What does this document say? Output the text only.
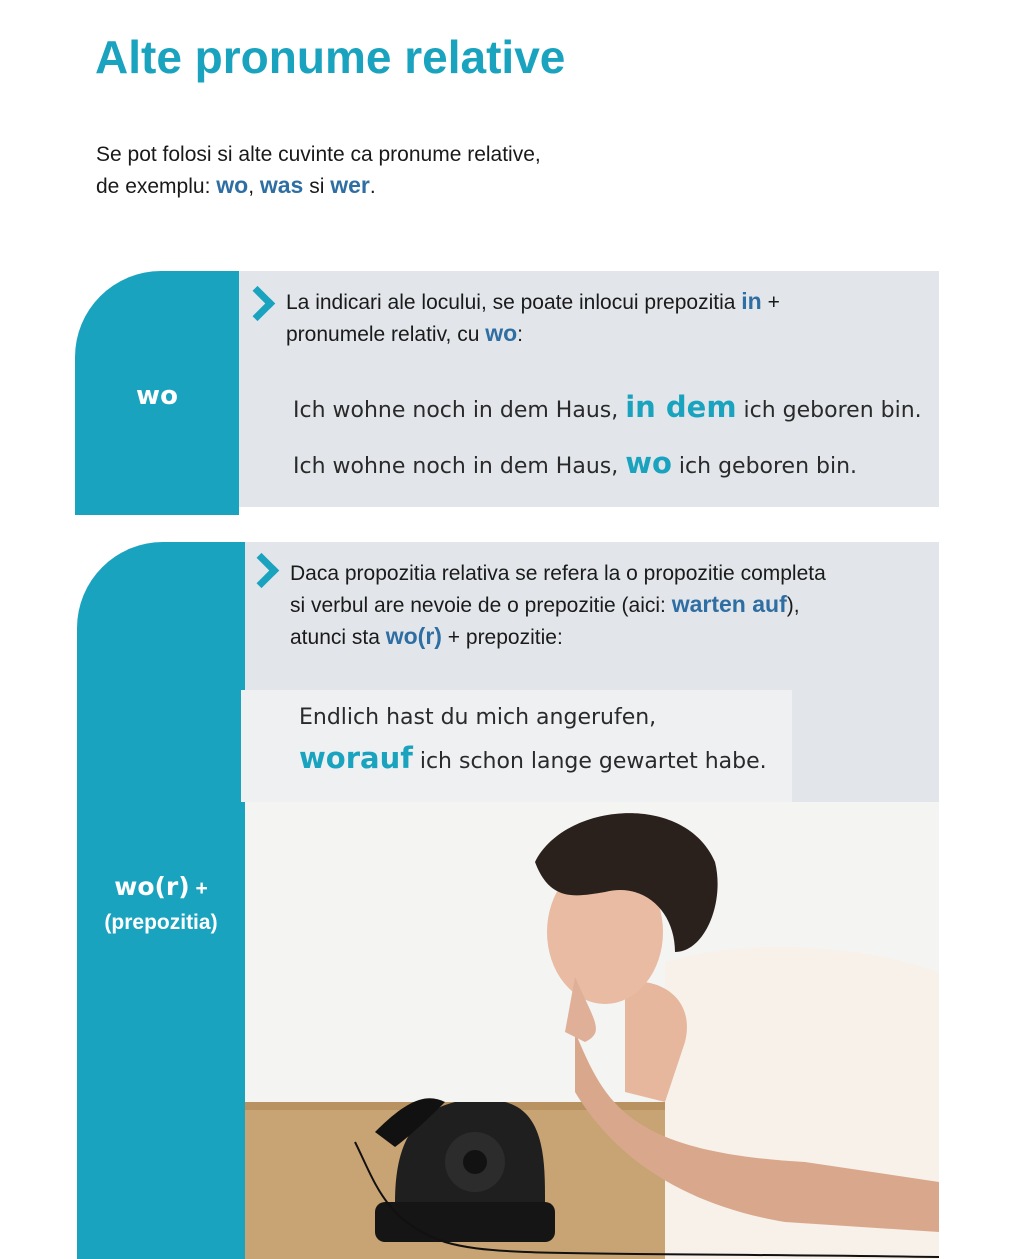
Alte pronume relative
Se pot folosi si alte cuvinte ca pronume relative,
de exemplu: wo, was si wer.
wo
La indicari ale locului, se poate inlocui prepozitia in +
pronumele relativ, cu wo:
Ich wohne noch in dem Haus, in dem ich geboren bin.
Ich wohne noch in dem Haus, wo ich geboren bin.
wo(r) +
(prepozitia)
Daca propozitia relativa se refera la o propozitie completa
si verbul are nevoie de o prepozitie (aici: warten auf),
atunci sta wo(r) + prepozitie:
Endlich hast du mich angerufen,
worauf ich schon lange gewartet habe.
